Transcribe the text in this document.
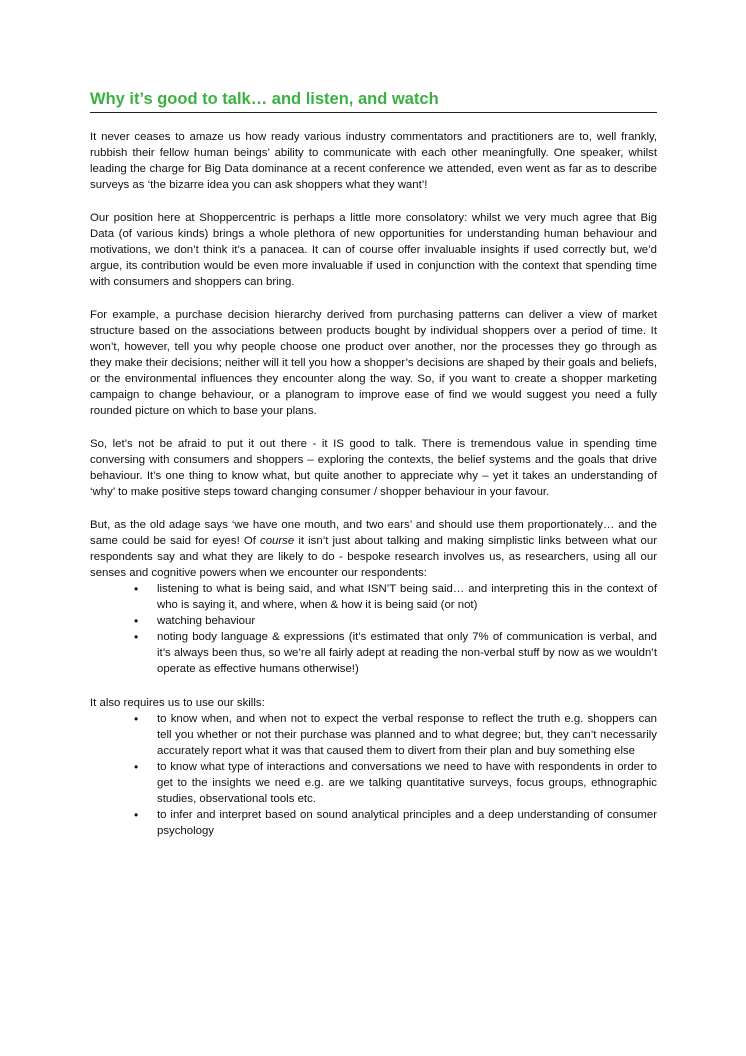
Why it’s good to talk… and listen, and watch

It never ceases to amaze us how ready various industry commentators and practitioners are to, well frankly, rubbish their fellow human beings’ ability to communicate with each other meaningfully. One speaker, whilst leading the charge for Big Data dominance at a recent conference we attended, even went as far as to describe surveys as ‘the bizarre idea you can ask shoppers what they want’!

Our position here at Shoppercentric is perhaps a little more consolatory: whilst we very much agree that Big Data (of various kinds) brings a whole plethora of new opportunities for understanding human behaviour and motivations, we don’t think it’s a panacea. It can of course offer invaluable insights if used correctly but, we’d argue, its contribution would be even more invaluable if used in conjunction with the context that spending time with consumers and shoppers can bring.

For example, a purchase decision hierarchy derived from purchasing patterns can deliver a view of market structure based on the associations between products bought by individual shoppers over a period of time. It won’t, however, tell you why people choose one product over another, nor the processes they go through as they make their decisions; neither will it tell you how a shopper’s decisions are shaped by their goals and beliefs, or the environmental influences they encounter along the way. So, if you want to create a shopper marketing campaign to change behaviour, or a planogram to improve ease of find we would suggest you need a fully rounded picture on which to base your plans.

So, let’s not be afraid to put it out there - it IS good to talk. There is tremendous value in spending time conversing with consumers and shoppers – exploring the contexts, the belief systems and the goals that drive behaviour. It’s one thing to know what, but quite another to appreciate why – yet it takes an understanding of ‘why’ to make positive steps toward changing consumer / shopper behaviour in your favour.

But, as the old adage says ‘we have one mouth, and two ears’ and should use them proportionately… and the same could be said for eyes! Of course it isn’t just about talking and making simplistic links between what our respondents say and what they are likely to do - bespoke research involves us, as researchers, using all our senses and cognitive powers when we encounter our respondents:

• listening to what is being said, and what ISN’T being said… and interpreting this in the context of who is saying it, and where, when & how it is being said (or not)
• watching behaviour
• noting body language & expressions (it’s estimated that only 7% of communication is verbal, and it’s always been thus, so we’re all fairly adept at reading the non-verbal stuff by now as we wouldn’t operate as effective humans otherwise!)

It also requires us to use our skills:

• to know when, and when not to expect the verbal response to reflect the truth e.g. shoppers can tell you whether or not their purchase was planned and to what degree; but, they can’t necessarily accurately report what it was that caused them to divert from their plan and buy something else
• to know what type of interactions and conversations we need to have with respondents in order to get to the insights we need e.g. are we talking quantitative surveys, focus groups, ethnographic studies, observational tools etc.
• to infer and interpret based on sound analytical principles and a deep understanding of consumer psychology
